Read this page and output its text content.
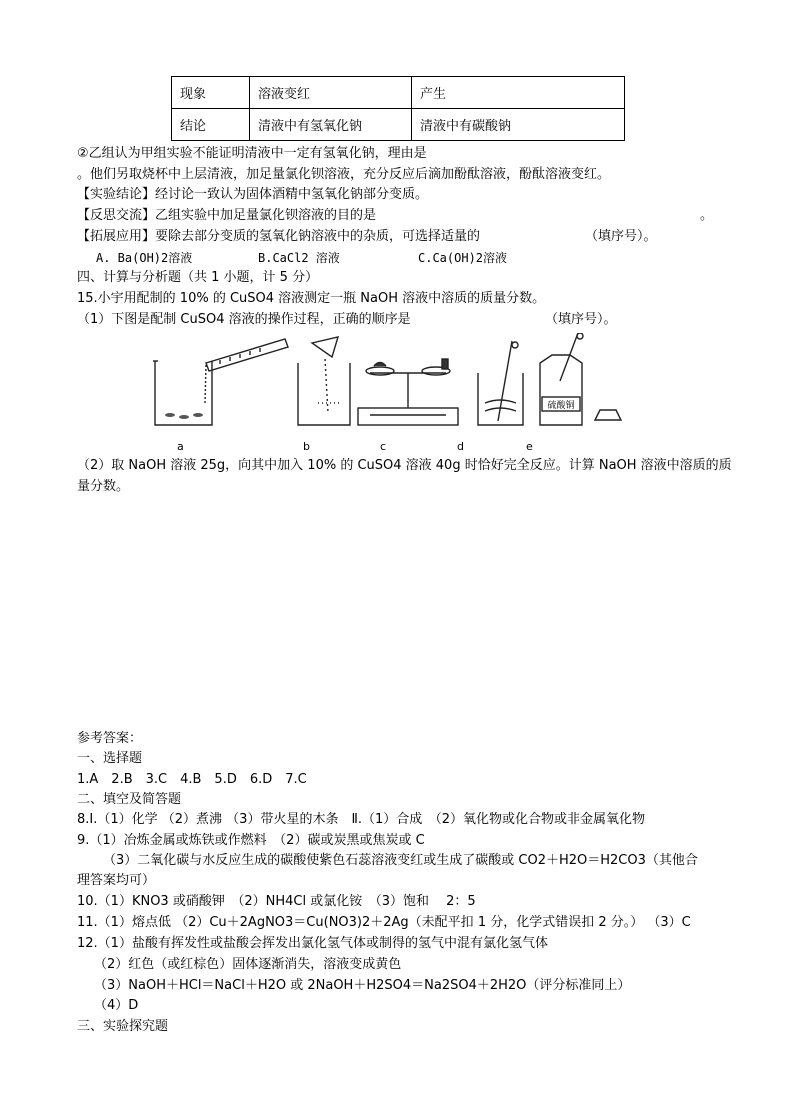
现象	溶液变红	产生
结论	清液中有氢氧化钠	清液中有碳酸钠
②乙组认为甲组实验不能证明清液中一定有氢氧化钠，理由是
。他们另取烧杯中上层清液，加足量氯化钡溶液，充分反应后滴加酚酞溶液，酚酞溶液变红。
【实验结论】经讨论一致认为固体酒精中氢氧化钠部分变质。
【反思交流】乙组实验中加足量氯化钡溶液的目的是	。
【拓展应用】要除去部分变质的氢氧化钠溶液中的杂质，可选择适量的	（填序号）。
A. Ba(OH)2溶液	B.CaCl2 溶液	C.Ca(OH)2溶液
四、计算与分析题（共 1 小题，计 5 分）
15.小宇用配制的 10% 的 CuSO4 溶液测定一瓶 NaOH 溶液中溶质的质量分数。
（1）下图是配制 CuSO4 溶液的操作过程，正确的顺序是	（填序号）。
硫酸铜
a	b	c	d	e
（2）取 NaOH 溶液 25g，向其中加入 10% 的 CuSO4 溶液 40g 时恰好完全反应。计算 NaOH 溶液中溶质的质
量分数。
参考答案：
一、选择题
1.A　2.B　3.C　4.B　5.D　6.D　7.C
二、填空及简答题
8.Ⅰ.（1）化学 （2）煮沸 （3）带火星的木条　Ⅱ.（1）合成　（2）氧化物或化合物或非金属氧化物
9.（1）冶炼金属或炼铁或作燃料　（2）碳或炭黑或焦炭或 C
（3）二氧化碳与水反应生成的碳酸使紫色石蕊溶液变红或生成了碳酸或 CO2＋H2O＝H2CO3（其他合
理答案均可）
10.（1）KNO3 或硝酸钾　（2）NH4Cl 或氯化铵　（3）饱和　 2：5
11.（1）熔点低 （2）Cu＋2AgNO3＝Cu(NO3)2＋2Ag（未配平扣 1 分，化学式错误扣 2 分。） （3）C
12.（1）盐酸有挥发性或盐酸会挥发出氯化氢气体或制得的氢气中混有氯化氢气体
（2）红色（或红棕色）固体逐渐消失，溶液变成黄色
（3）NaOH＋HCl＝NaCl＋H2O 或 2NaOH＋H2SO4＝Na2SO4＋2H2O（评分标准同上）
（4）D
三、实验探究题
